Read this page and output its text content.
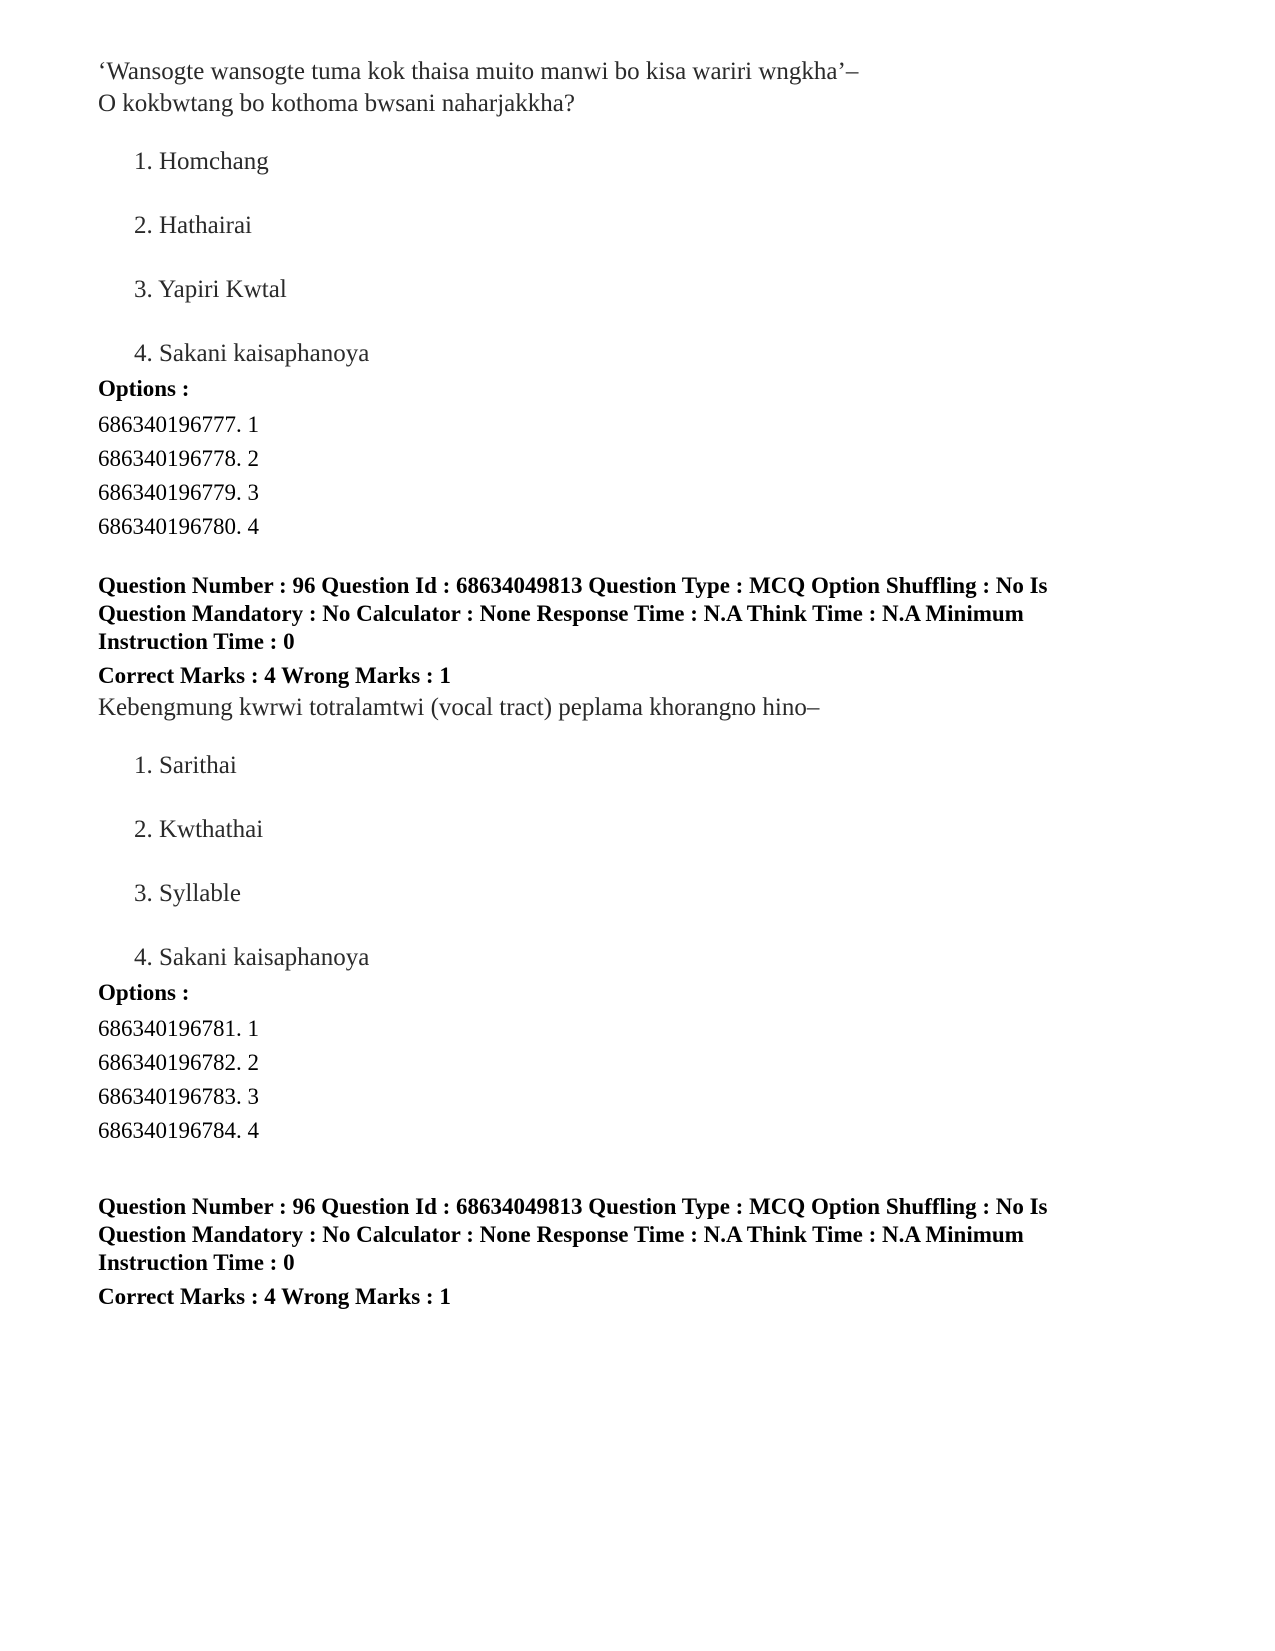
‘Wansogte wansogte tuma kok thaisa muito manwi bo kisa wariri wngkha’–
O kokbwtang bo kothoma bwsani naharjakkha?
1. Homchang
2. Hathairai
3. Yapiri Kwtal
4. Sakani kaisaphanoya
Options :
686340196777. 1
686340196778. 2
686340196779. 3
686340196780. 4
Question Number : 96 Question Id : 68634049813 Question Type : MCQ Option Shuffling : No Is Question Mandatory : No Calculator : None Response Time : N.A Think Time : N.A Minimum Instruction Time : 0
Correct Marks : 4 Wrong Marks : 1
Kebengmung kwrwi totralamtwi (vocal tract) peplama khorangno hino–
1. Sarithai
2. Kwthathai
3. Syllable
4. Sakani kaisaphanoya
Options :
686340196781. 1
686340196782. 2
686340196783. 3
686340196784. 4
Question Number : 96 Question Id : 68634049813 Question Type : MCQ Option Shuffling : No Is Question Mandatory : No Calculator : None Response Time : N.A Think Time : N.A Minimum Instruction Time : 0
Correct Marks : 4 Wrong Marks : 1
